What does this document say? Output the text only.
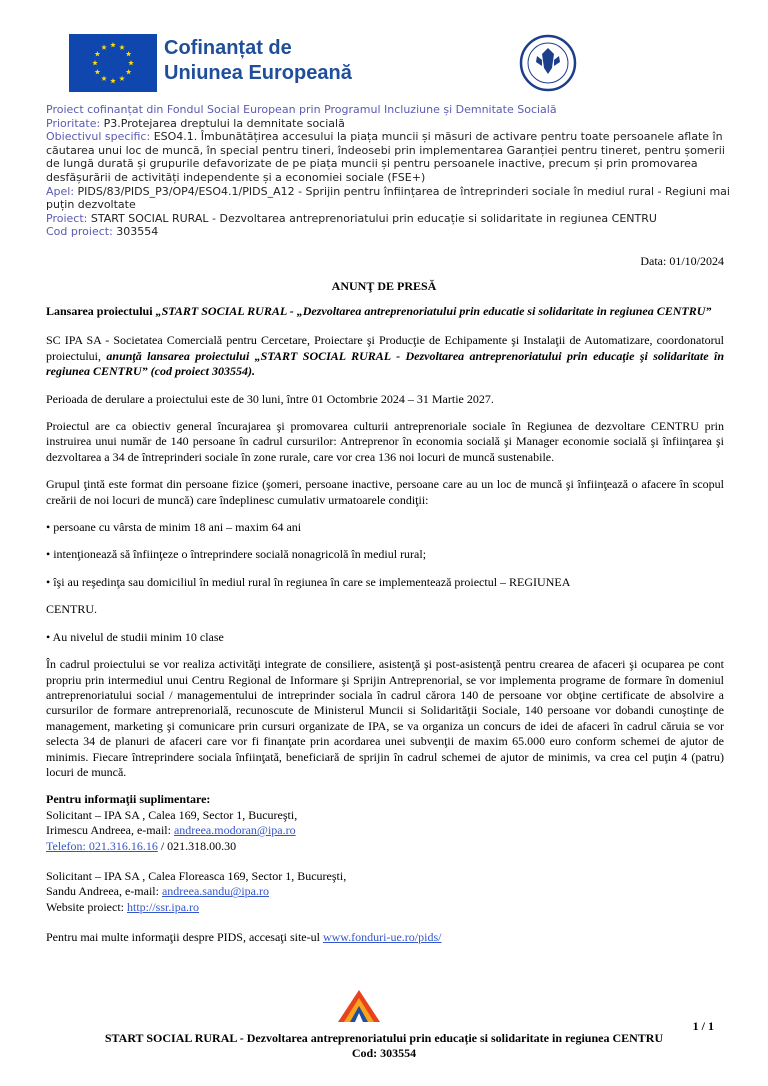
Cofinanțat de
Uniunea Europeană
Proiect cofinanțat din Fondul Social European prin Programul Incluziune și Demnitate Socială
Prioritate: P3.Protejarea dreptului la demnitate socială
Obiectivul specific: ESO4.1. Îmbunătățirea accesului la piața muncii și măsuri de activare pentru toate persoanele aflate în căutarea unui loc de muncă, în special pentru tineri, îndeosebi prin implementarea Garanției pentru tineret, pentru șomerii de lungă durată și grupurile defavorizate de pe piața muncii și pentru persoanele inactive, precum și prin promovarea desfășurării de activități independente și a economiei sociale (FSE+)
Apel: PIDS/83/PIDS_P3/OP4/ESO4.1/PIDS_A12 - Sprijin pentru înființarea de întreprinderi sociale în mediul rural - Regiuni mai puțin dezvoltate
Proiect: START SOCIAL RURAL - Dezvoltarea antreprenoriatului prin educație si solidaritate in regiunea CENTRU
Cod proiect: 303554
Data: 01/10/2024
ANUNŢ DE PRESĂ

Lansarea proiectului „START SOCIAL RURAL - „Dezvoltarea antreprenoriatului prin educatie si solidaritate in regiunea CENTRU”

SC IPA SA - Societatea Comercială pentru Cercetare, Proiectare şi Producţie de Echipamente şi Instalaţii de Automatizare, coordonatorul proiectului, anunţă lansarea proiectului „START SOCIAL RURAL - Dezvoltarea antreprenoriatului prin educaţie şi solidaritate în regiunea CENTRU” (cod proiect 303554).

Perioada de derulare a proiectului este de 30 luni, între 01 Octombrie 2024 – 31 Martie 2027.

Proiectul are ca obiectiv general încurajarea şi promovarea culturii antreprenoriale sociale în Regiunea de dezvoltare CENTRU prin instruirea unui număr de 140 persoane în cadrul cursurilor: Antreprenor în economia socială şi Manager economie socială şi înfiinţarea şi dezvoltarea a 34 de întreprinderi sociale în zone rurale, care vor crea 136 noi locuri de muncă sustenabile.

Grupul ţintă este format din persoane fizice (şomeri, persoane inactive, persoane care au un loc de muncă şi înfiinţează o afacere în scopul creării de noi locuri de muncă) care îndeplinesc cumulativ urmatoarele condiţii:

• persoane cu vârsta de minim 18 ani – maxim 64 ani

• intenţionează să înfiinţeze o întreprindere socială nonagricolă în mediul rural;

• îşi au reşedinţa sau domiciliul în mediul rural în regiunea în care se implementează proiectul – REGIUNEA

CENTRU.

• Au nivelul de studii minim 10 clase

În cadrul proiectului se vor realiza activităţi integrate de consiliere, asistenţă şi post-asistenţă pentru crearea de afaceri şi ocuparea pe cont propriu prin intermediul unui Centru Regional de Informare şi Sprijin Antreprenorial, se vor implementa programe de formare în domeniul antreprenoriatului social / managementului de intreprinder sociala în cadrul cărora 140 de persoane vor obţine certificate de absolvire a cursurilor de formare antreprenorială, recunoscute de Ministerul Muncii si Solidarităţii Sociale, 140 persoane vor dobandi cunoştinţe de management, marketing şi comunicare prin cursuri organizate de IPA, se va organiza un concurs de idei de afaceri în cadrul căruia se vor selecta 34 de planuri de afaceri care vor fi finanţate prin acordarea unei subvenţii de maxim 65.000 euro conform schemei de ajutor de minimis. Fiecare întreprindere sociala înfiinţată, beneficiară de sprijin în cadrul schemei de ajutor de minimis, va crea cel puţin 4 (patru) locuri de muncă.

Pentru informaţii suplimentare:

Solicitant – IPA SA , Calea 169, Sector 1, Bucureşti,

Irimescu Andreea, e-mail: andreea.modoran@ipa.ro

Telefon: 021.316.16.16 / 021.318.00.30

Solicitant – IPA SA , Calea Floreasca 169, Sector 1, Bucureşti,

Sandu Andreea, e-mail: andreea.sandu@ipa.ro

Website proiect: http://ssr.ipa.ro

Pentru mai multe informaţii despre PIDS, accesaţi site-ul www.fonduri-ue.ro/pids/

1 / 1
START SOCIAL RURAL - Dezvoltarea antreprenoriatului prin educație si solidaritate in regiunea CENTRU
Cod: 303554
